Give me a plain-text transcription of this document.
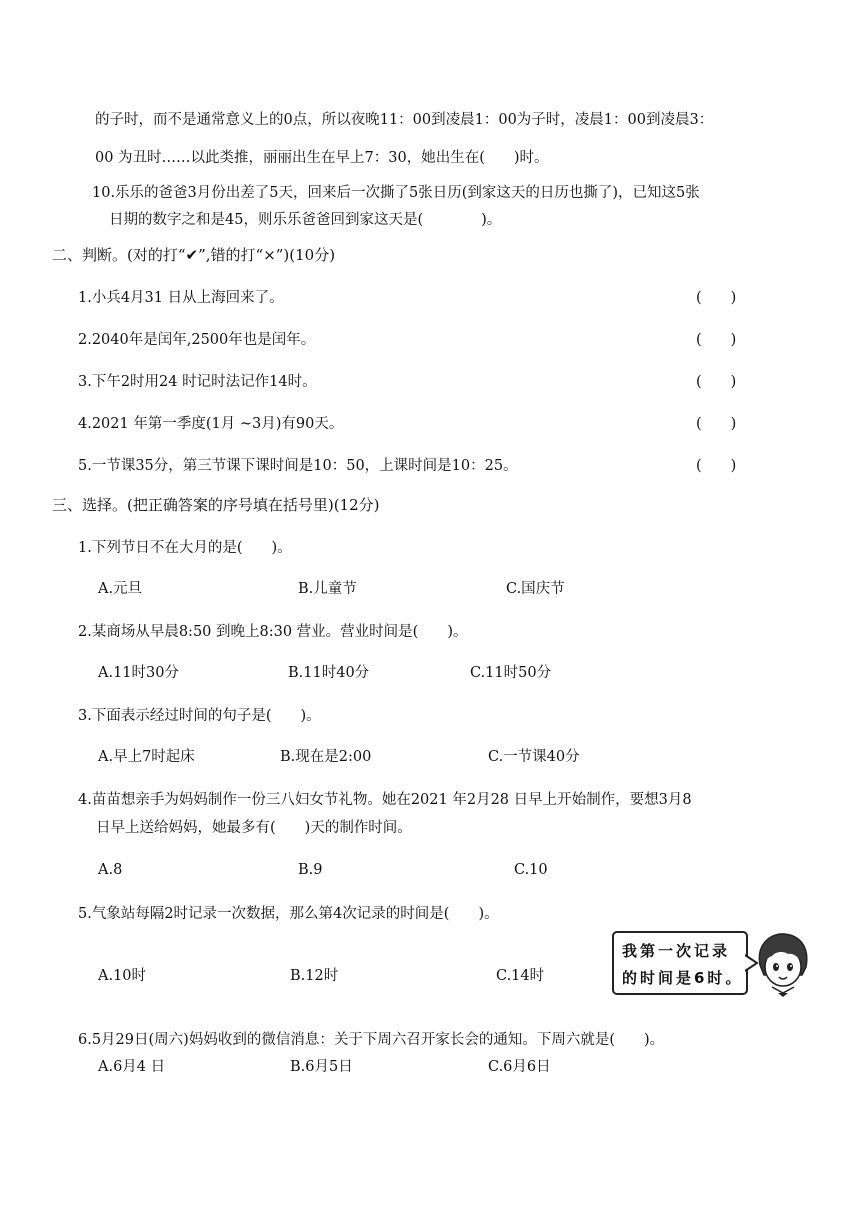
的子时，而不是通常意义上的0点，所以夜晚11：00到凌晨1：00为子时，凌晨1：00到凌晨3：
00 为丑时……以此类推，丽丽出生在早上7：30，她出生在(　　)时。
10.乐乐的爸爸3月份出差了5天，回来后一次撕了5张日历(到家这天的日历也撕了)，已知这5张
日期的数字之和是45，则乐乐爸爸回到家这天是(　　　　)。
二、判断。(对的打“✔”,错的打“×”)(10分)
1.小兵4月31 日从上海回来了。	(　　)
2.2040年是闰年,2500年也是闰年。	(　　)
3.下午2时用24 时记时法记作14时。	(　　)
4.2021 年第一季度(1月 ~3月)有90天。	(　　)
5.一节课35分，第三节课下课时间是10：50，上课时间是10：25。	(　　)
三、选择。(把正确答案的序号填在括号里)(12分)
1.下列节日不在大月的是(　　)。
A.元旦	B.儿童节	C.国庆节
2.某商场从早晨8:50 到晚上8:30 营业。营业时间是(　　)。
A.11时30分	B.11时40分	C.11时50分
3.下面表示经过时间的句子是(　　)。
A.早上7时起床	B.现在是2:00	C.一节课40分
4.苗苗想亲手为妈妈制作一份三八妇女节礼物。她在2021 年2月28 日早上开始制作，要想3月8
日早上送给妈妈，她最多有(　　)天的制作时间。
A.8	B.9	C.10
5.气象站每隔2时记录一次数据，那么第4次记录的时间是(　　)。
A.10时	B.12时	C.14时
我第一次记录
的时间是6时。
6.5月29日(周六)妈妈收到的微信消息：关于下周六召开家长会的通知。下周六就是(　　)。
A.6月4 日	B.6月5日	C.6月6日
